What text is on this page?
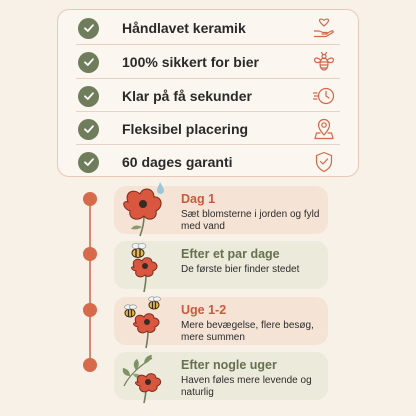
Håndlavet keramik
100% sikkert for bier
Klar på få sekunder
Fleksibel placering
60 dages garanti
Dag 1
Sæt blomsterne i jorden og fyld med vand
Efter et par dage
De første bier finder stedet
Uge 1-2
Mere bevægelse, flere besøg, mere summen
Efter nogle uger
Haven føles mere levende og naturlig
